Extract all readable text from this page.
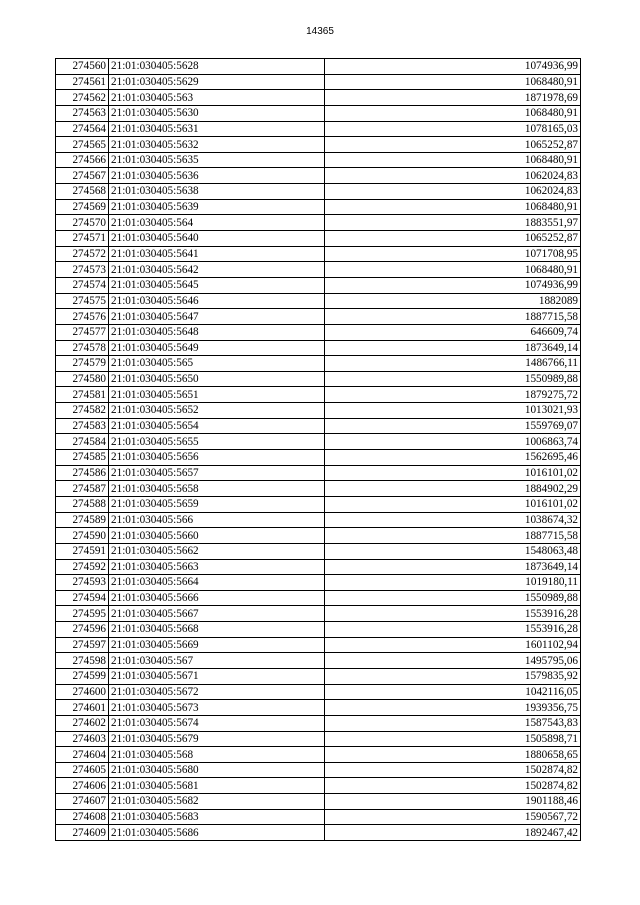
14365
274560	21:01:030405:5628	1074936,99
274561	21:01:030405:5629	1068480,91
274562	21:01:030405:563	1871978,69
274563	21:01:030405:5630	1068480,91
274564	21:01:030405:5631	1078165,03
274565	21:01:030405:5632	1065252,87
274566	21:01:030405:5635	1068480,91
274567	21:01:030405:5636	1062024,83
274568	21:01:030405:5638	1062024,83
274569	21:01:030405:5639	1068480,91
274570	21:01:030405:564	1883551,97
274571	21:01:030405:5640	1065252,87
274572	21:01:030405:5641	1071708,95
274573	21:01:030405:5642	1068480,91
274574	21:01:030405:5645	1074936,99
274575	21:01:030405:5646	1882089
274576	21:01:030405:5647	1887715,58
274577	21:01:030405:5648	646609,74
274578	21:01:030405:5649	1873649,14
274579	21:01:030405:565	1486766,11
274580	21:01:030405:5650	1550989,88
274581	21:01:030405:5651	1879275,72
274582	21:01:030405:5652	1013021,93
274583	21:01:030405:5654	1559769,07
274584	21:01:030405:5655	1006863,74
274585	21:01:030405:5656	1562695,46
274586	21:01:030405:5657	1016101,02
274587	21:01:030405:5658	1884902,29
274588	21:01:030405:5659	1016101,02
274589	21:01:030405:566	1038674,32
274590	21:01:030405:5660	1887715,58
274591	21:01:030405:5662	1548063,48
274592	21:01:030405:5663	1873649,14
274593	21:01:030405:5664	1019180,11
274594	21:01:030405:5666	1550989,88
274595	21:01:030405:5667	1553916,28
274596	21:01:030405:5668	1553916,28
274597	21:01:030405:5669	1601102,94
274598	21:01:030405:567	1495795,06
274599	21:01:030405:5671	1579835,92
274600	21:01:030405:5672	1042116,05
274601	21:01:030405:5673	1939356,75
274602	21:01:030405:5674	1587543,83
274603	21:01:030405:5679	1505898,71
274604	21:01:030405:568	1880658,65
274605	21:01:030405:5680	1502874,82
274606	21:01:030405:5681	1502874,82
274607	21:01:030405:5682	1901188,46
274608	21:01:030405:5683	1590567,72
274609	21:01:030405:5686	1892467,42
